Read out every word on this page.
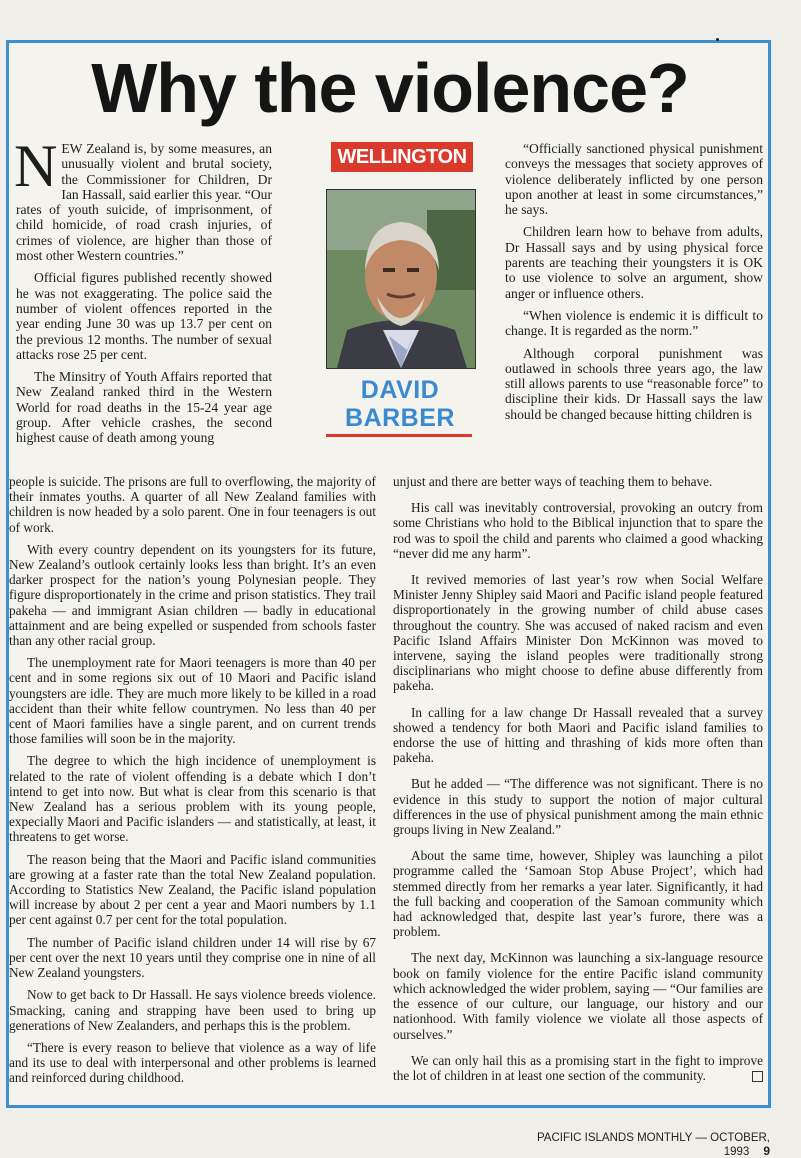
Why the violence?

NEW Zealand is, by some measures, an unusually violent and brutal society, the Commissioner for Children, Dr Ian Hassall, said earlier this year. “Our rates of youth suicide, of imprisonment, of child homicide, of road crash injuries, of crimes of violence, are higher than those of most other Western countries.”

Official figures published recently showed he was not exaggerating. The police said the number of violent offences reported in the year ending June 30 was up 13.7 per cent on the previous 12 months. The number of sexual attacks rose 25 per cent.

The Minsitry of Youth Affairs reported that New Zealand ranked third in the Western World for road deaths in the 15-24 year age group. After vehicle crashes, the second highest cause of death among young

WELLINGTON
DAVID
BARBER

“Officially sanctioned physical punishment conveys the messages that society approves of violence deliberately inflicted by one person upon another at least in some circumstances,” he says.

Children learn how to behave from adults, Dr Hassall says and by using physical force parents are teaching their youngsters it is OK to use violence to solve an argument, show anger or influence others.

“When violence is endemic it is difficult to change. It is regarded as the norm.”

Although corporal punishment was outlawed in schools three years ago, the law still allows parents to use “reasonable force” to discipline their kids. Dr Hassall says the law should be changed because hitting children is

people is suicide. The prisons are full to overflowing, the majority of their inmates youths. A quarter of all New Zealand families with children is now headed by a solo parent. One in four teenagers is out of work.

With every country dependent on its youngsters for its future, New Zealand’s outlook certainly looks less than bright. It’s an even darker prospect for the nation’s young Polynesian people. They figure disproportionately in the crime and prison statistics. They trail pakeha — and immigrant Asian children — badly in educational attainment and are being expelled or suspended from schools faster than any other racial group.

The unemployment rate for Maori teenagers is more than 40 per cent and in some regions six out of 10 Maori and Pacific island youngsters are idle. They are much more likely to be killed in a road accident than their white fellow countrymen. No less than 40 per cent of Maori families have a single parent, and on current trends those families will soon be in the majority.

The degree to which the high incidence of unemployment is related to the rate of violent offending is a debate which I don’t intend to get into now. But what is clear from this scenario is that New Zealand has a serious problem with its young people, expecially Maori and Pacific islanders — and statistically, at least, it threatens to get worse.

The reason being that the Maori and Pacific island communities are growing at a faster rate than the total New Zealand population. According to Statistics New Zealand, the Pacific island population will increase by about 2 per cent a year and Maori numbers by 1.1 per cent against 0.7 per cent for the total population.

The number of Pacific island children under 14 will rise by 67 per cent over the next 10 years until they comprise one in nine of all New Zealand youngsters.

Now to get back to Dr Hassall. He says violence breeds violence. Smacking, caning and strapping have been used to bring up generations of New Zealanders, and perhaps this is the problem.

“There is every reason to believe that violence as a way of life and its use to deal with interpersonal and other problems is learned and reinforced during childhood.

unjust and there are better ways of teaching them to behave.

His call was inevitably controversial, provoking an outcry from some Christians who hold to the Biblical injunction that to spare the rod was to spoil the child and parents who claimed a good whacking “never did me any harm”.

It revived memories of last year’s row when Social Welfare Minister Jenny Shipley said Maori and Pacific island people featured disproportionately in the growing number of child abuse cases throughout the country. She was accused of naked racism and even Pacific Island Affairs Minister Don McKinnon was moved to intervene, saying the island peoples were traditionally strong disciplinarians who might choose to define abuse differently from pakeha.

In calling for a law change Dr Hassall revealed that a survey showed a tendency for both Maori and Pacific island families to endorse the use of hitting and thrashing of kids more often than pakeha.

But he added — “The difference was not significant. There is no evidence in this study to support the notion of major cultural differences in the use of physical punishment among the main ethnic groups living in New Zealand.”

About the same time, however, Shipley was launching a pilot programme called the ‘Samoan Stop Abuse Project’, which had stemmed directly from her remarks a year later. Significantly, it had the full backing and cooperation of the Samoan community which had acknowledged that, despite last year’s furore, there was a problem.

The next day, McKinnon was launching a six-language resource book on family violence for the entire Pacific island community which acknowledged the wider problem, saying — “Our families are the essence of our culture, our language, our history and our nationhood. With family violence we violate all those aspects of ourselves.”

We can only hail this as a promising start in the fight to improve the lot of children in at least one section of the community.

PACIFIC ISLANDS MONTHLY — OCTOBER, 1993 9
